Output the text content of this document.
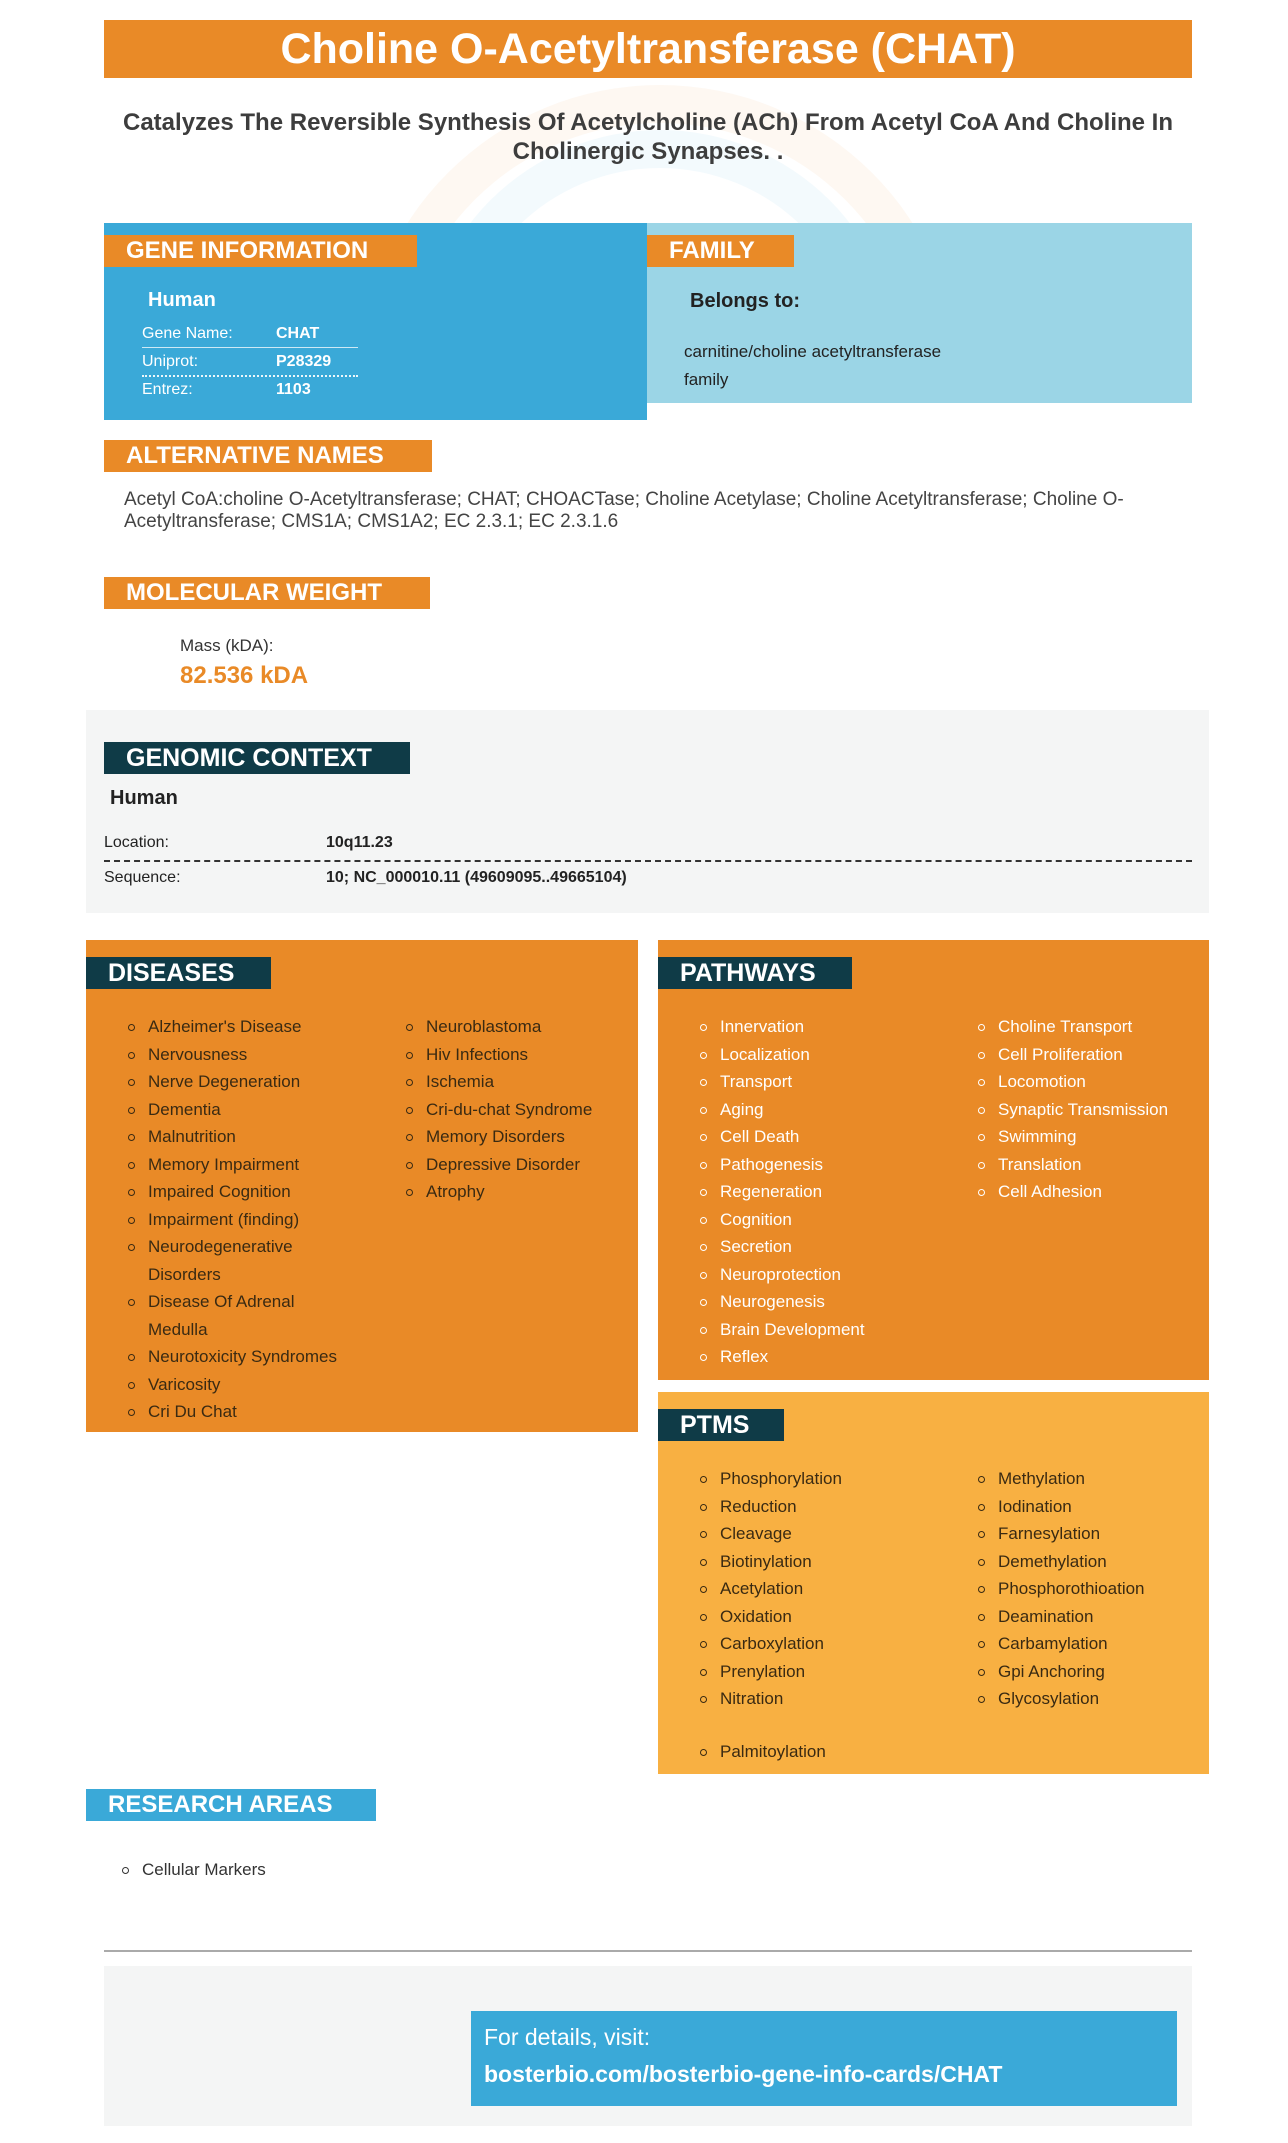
Choline O-Acetyltransferase (CHAT)
Catalyzes The Reversible Synthesis Of Acetylcholine (ACh) From Acetyl CoA And Choline In Cholinergic Synapses. .
GENE INFORMATION
Human
Gene Name:	CHAT
Uniprot:	P28329
Entrez:	1103
FAMILY
Belongs to:
carnitine/choline acetyltransferase family
ALTERNATIVE NAMES
Acetyl CoA:choline O-Acetyltransferase; CHAT; CHOACTase; Choline Acetylase; Choline Acetyltransferase; Choline O-Acetyltransferase; CMS1A; CMS1A2; EC 2.3.1; EC 2.3.1.6
MOLECULAR WEIGHT
Mass (kDA):
82.536 kDA
GENOMIC CONTEXT
Human
Location:	10q11.23
Sequence:	10; NC_000010.11 (49609095..49665104)
DISEASES
Alzheimer's Disease
Nervousness
Nerve Degeneration
Dementia
Malnutrition
Memory Impairment
Impaired Cognition
Impairment (finding)
Neurodegenerative Disorders
Disease Of Adrenal Medulla
Neurotoxicity Syndromes
Varicosity
Cri Du Chat
Neuroblastoma
Hiv Infections
Ischemia
Cri-du-chat Syndrome
Memory Disorders
Depressive Disorder
Atrophy
PATHWAYS
Innervation
Localization
Transport
Aging
Cell Death
Pathogenesis
Regeneration
Cognition
Secretion
Neuroprotection
Neurogenesis
Brain Development
Reflex
Choline Transport
Cell Proliferation
Locomotion
Synaptic Transmission
Swimming
Translation
Cell Adhesion
PTMS
Phosphorylation
Reduction
Cleavage
Biotinylation
Acetylation
Oxidation
Carboxylation
Prenylation
Nitration
Palmitoylation
Methylation
Iodination
Farnesylation
Demethylation
Phosphorothioation
Deamination
Carbamylation
Gpi Anchoring
Glycosylation
RESEARCH AREAS
Cellular Markers
For details, visit:
bosterbio.com/bosterbio-gene-info-cards/CHAT
